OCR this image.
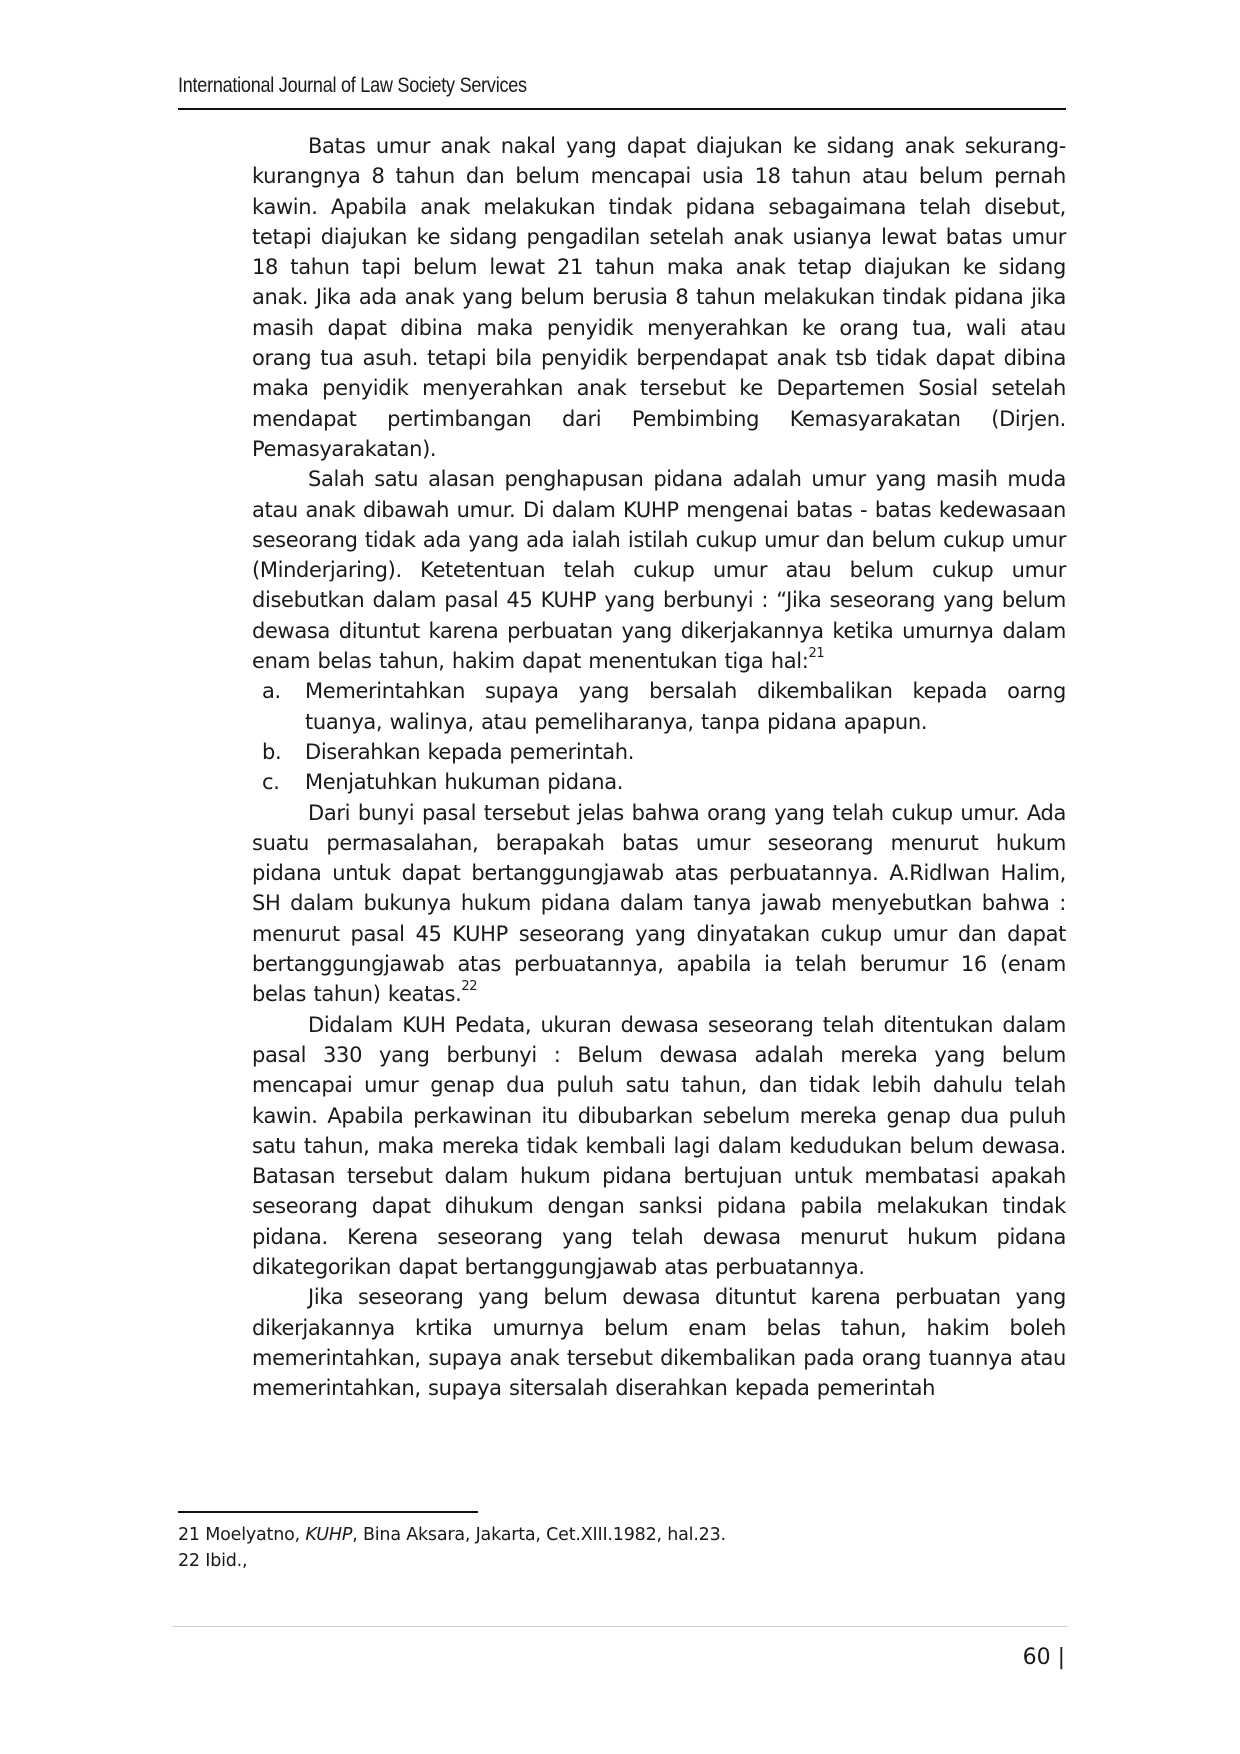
International Journal of Law Society Services

Batas umur anak nakal yang dapat diajukan ke sidang anak sekurang-kurangnya 8 tahun dan belum mencapai usia 18 tahun atau belum pernah kawin. Apabila anak melakukan tindak pidana sebagaimana telah disebut, tetapi diajukan ke sidang pengadilan setelah anak usianya lewat batas umur 18 tahun tapi belum lewat 21 tahun maka anak tetap diajukan ke sidang anak. Jika ada anak yang belum berusia 8 tahun melakukan tindak pidana jika masih dapat dibina maka penyidik menyerahkan ke orang tua, wali atau orang tua asuh. tetapi bila penyidik berpendapat anak tsb tidak dapat dibina maka penyidik menyerahkan anak tersebut ke Departemen Sosial setelah mendapat pertimbangan dari Pembimbing Kemasyarakatan (Dirjen. Pemasyarakatan).

Salah satu alasan penghapusan pidana adalah umur yang masih muda atau anak dibawah umur. Di dalam KUHP mengenai batas - batas kedewasaan seseorang tidak ada yang ada ialah istilah cukup umur dan belum cukup umur (Minderjaring). Ketetentuan telah cukup umur atau belum cukup umur disebutkan dalam pasal 45 KUHP yang berbunyi : “Jika seseorang yang belum dewasa dituntut karena perbuatan yang dikerjakannya ketika umurnya dalam enam belas tahun, hakim dapat menentukan tiga hal:$^{21}$

a. Memerintahkan supaya yang bersalah dikembalikan kepada oarng tuanya, walinya, atau pemeliharanya, tanpa pidana apapun.
b. Diserahkan kepada pemerintah.
c. Menjatuhkan hukuman pidana.

Dari bunyi pasal tersebut jelas bahwa orang yang telah cukup umur. Ada suatu permasalahan, berapakah batas umur seseorang menurut hukum pidana untuk dapat bertanggungjawab atas perbuatannya. A.Ridlwan Halim, SH dalam bukunya hukum pidana dalam tanya jawab menyebutkan bahwa : menurut pasal 45 KUHP seseorang yang dinyatakan cukup umur dan dapat bertanggungjawab atas perbuatannya, apabila ia telah berumur 16 (enam belas tahun) keatas.$^{22}$

Didalam KUH Pedata, ukuran dewasa seseorang telah ditentukan dalam pasal 330 yang berbunyi : Belum dewasa adalah mereka yang belum mencapai umur genap dua puluh satu tahun, dan tidak lebih dahulu telah kawin. Apabila perkawinan itu dibubarkan sebelum mereka genap dua puluh satu tahun, maka mereka tidak kembali lagi dalam kedudukan belum dewasa. Batasan tersebut dalam hukum pidana bertujuan untuk membatasi apakah seseorang dapat dihukum dengan sanksi pidana pabila melakukan tindak pidana. Kerena seseorang yang telah dewasa menurut hukum pidana dikategorikan dapat bertanggungjawab atas perbuatannya.

Jika seseorang yang belum dewasa dituntut karena perbuatan yang dikerjakannya krtika umurnya belum enam belas tahun, hakim boleh memerintahkan, supaya anak tersebut dikembalikan pada orang tuannya atau memerintahkan, supaya sitersalah diserahkan kepada pemerintah

21 Moelyatno, KUHP, Bina Aksara, Jakarta, Cet.XIII.1982, hal.23.
22 Ibid.,
60 |
